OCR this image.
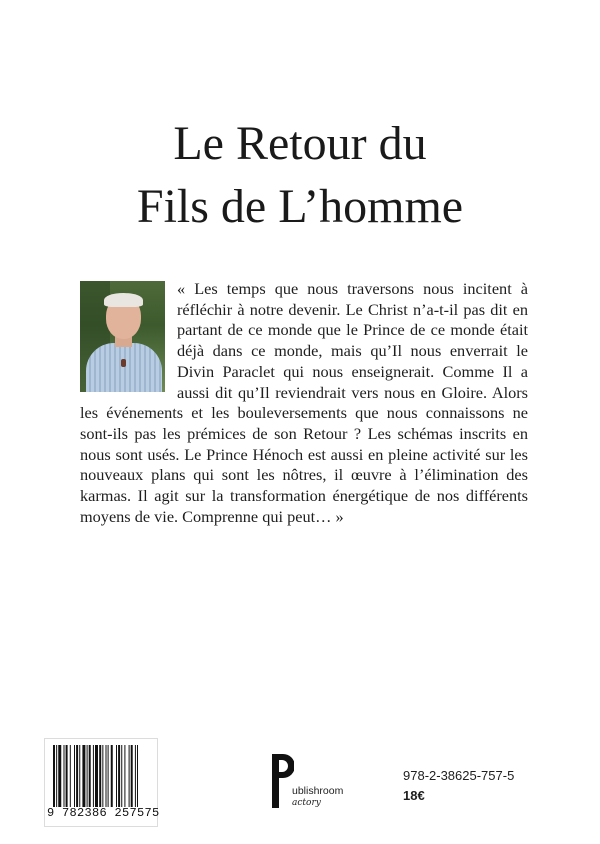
Le Retour du
Fils de L’homme
« Les temps que nous traversons nous incitent à réfléchir à notre devenir. Le Christ n’a-t-il pas dit en partant de ce monde que le Prince de ce monde était déjà dans ce monde, mais qu’Il nous enverrait le Divin Paraclet qui nous enseignerait. Comme Il a aussi dit qu’Il reviendrait vers nous en Gloire. Alors les événements et les bouleversements que nous connaissons ne sont-ils pas les prémices de son Retour ? Les schémas inscrits en nous sont usés. Le Prince Hénoch est aussi en pleine activité sur les nouveaux plans qui sont les nôtres, il œuvre à l’élimination des karmas. Il agit sur la transformation énergétique de nos différents moyens de vie. Comprenne qui peut… »
9 782386 257575
ublishroom
actory
978-2-38625-757-5
18€
